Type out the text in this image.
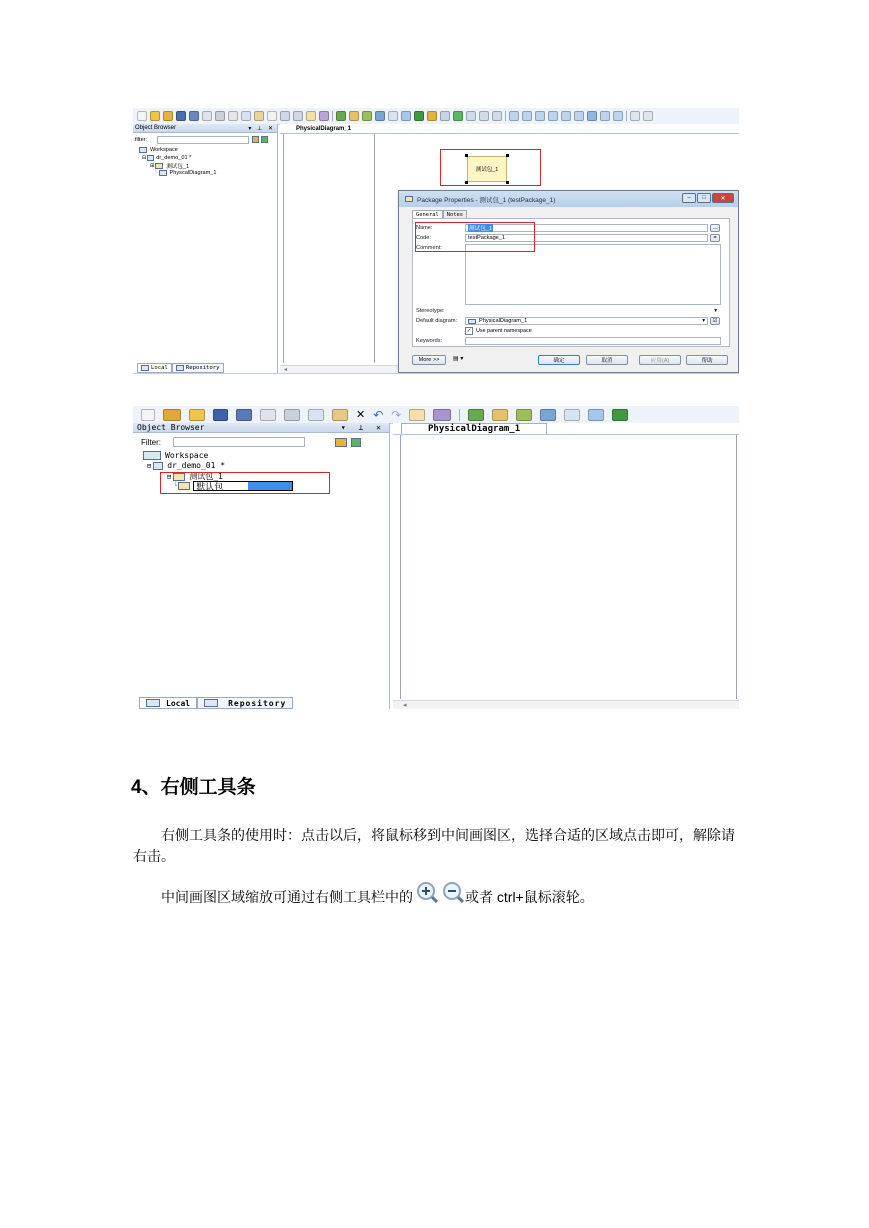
Object Browser	▾ ⊥ ✕
filter:
Workspace
⊟ dr_demo_01 *
⊞ 测试包_1
└ PhyscalDiagram_1
Local	Repository
PhysicalDiagram_1
◂
测试包_1
Package Properties - 测试包_1 (testPackage_1)	–	□	✕
General	Notes
Name:	测试包_1	…
Code:	testPackage_1	=
Comment:
Stereotype:	▾
Default diagram:	PhysicalDiagram_1	▾	☑
✓ Use parent namespace
Keywords:
More >>	▤ ▾	确定	取消	应用(A)	帮助
✕ ↶ ↷
Object Browser	▾ ⊥ ✕
Filter:
Workspace
⊟ dr_demo_01 *
⊟ 测试包_1
└ 默认包
Local	Repository
PhysicalDiagram_1
◂
4、右侧工具条
右侧工具条的使用时：点击以后，将鼠标移到中间画图区，选择合适的区域点击即可，解除请右击。
中间画图区域缩放可通过右侧工具栏中的	或者 ctrl+鼠标滚轮。
